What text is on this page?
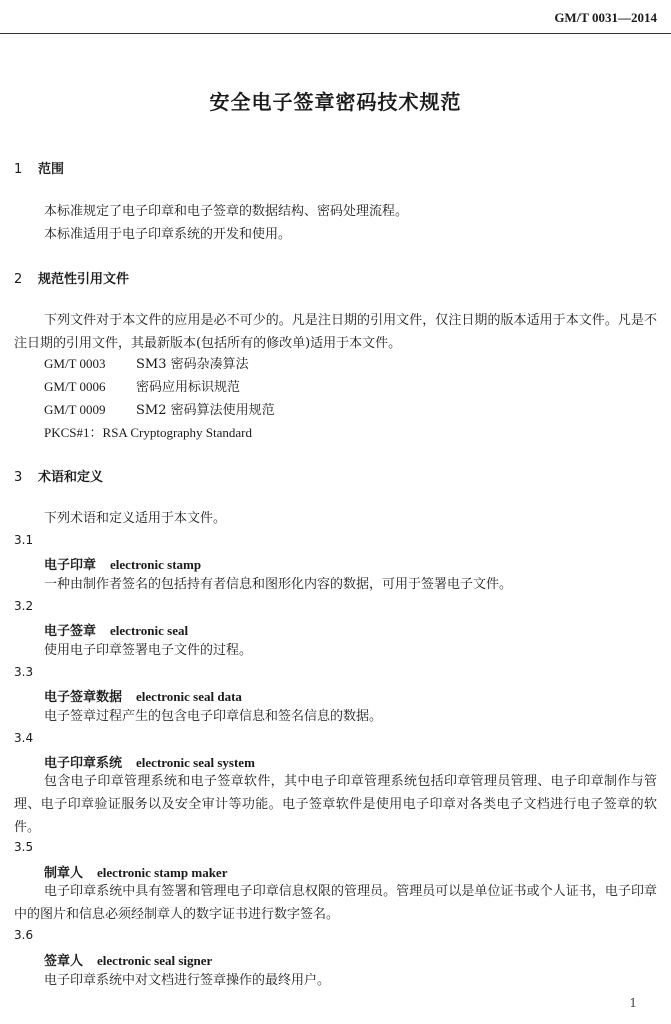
GM/T 0031—2014
安全电子签章密码技术规范
1 范围
本标准规定了电子印章和电子签章的数据结构、密码处理流程。
本标准适用于电子印章系统的开发和使用。
2 规范性引用文件
下列文件对于本文件的应用是必不可少的。凡是注日期的引用文件，仅注日期的版本适用于本文件。凡是不注日期的引用文件，其最新版本(包括所有的修改单)适用于本文件。
GM/T 0003 SM3 密码杂凑算法
GM/T 0006 密码应用标识规范
GM/T 0009 SM2 密码算法使用规范
PKCS#1：RSA Cryptography Standard
3 术语和定义
下列术语和定义适用于本文件。
3.1
电子印章 electronic stamp
一种由制作者签名的包括持有者信息和图形化内容的数据，可用于签署电子文件。
3.2
电子签章 electronic seal
使用电子印章签署电子文件的过程。
3.3
电子签章数据 electronic seal data
电子签章过程产生的包含电子印章信息和签名信息的数据。
3.4
电子印章系统 electronic seal system
包含电子印章管理系统和电子签章软件，其中电子印章管理系统包括印章管理员管理、电子印章制作与管理、电子印章验证服务以及安全审计等功能。电子签章软件是使用电子印章对各类电子文档进行电子签章的软件。
3.5
制章人 electronic stamp maker
电子印章系统中具有签署和管理电子印章信息权限的管理员。管理员可以是单位证书或个人证书，电子印章中的图片和信息必须经制章人的数字证书进行数字签名。
3.6
签章人 electronic seal signer
电子印章系统中对文档进行签章操作的最终用户。
1
